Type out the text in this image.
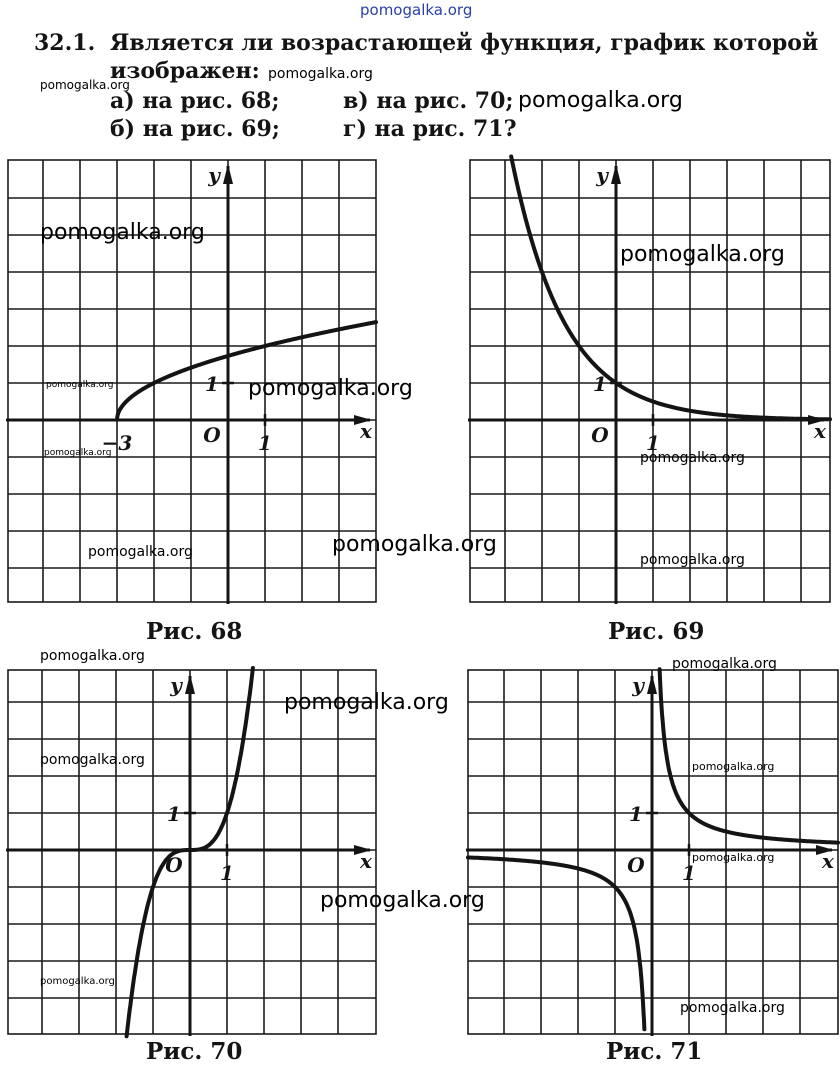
pomogalka.org
32.1. Является ли возрастающей функция, график которой
изображен:
а) на рис. 68;
б) на рис. 69;
в) на рис. 70;
г) на рис. 71?
x
y
O 1
1
−3
Рис. 68
x
y
O 1
1
Рис. 69
x
y
O 1
1
Рис. 70
x
y
O 1
1
Рис. 71
pomogalka.org
pomogalka.org
pomogalka.org
pomogalka.org
pomogalka.org
pomogalka.org
pomogalka.org
pomogalka.org	pomogalka.org
pomogalka.org	pomogalka.org
pomogalka.org
pomogalka.org	pomogalka.org
pomogalka.org
pomogalka.org	pomogalka.org
pomogalka.org
pomogalka.org
pomogalka.org
pomogalka.org
